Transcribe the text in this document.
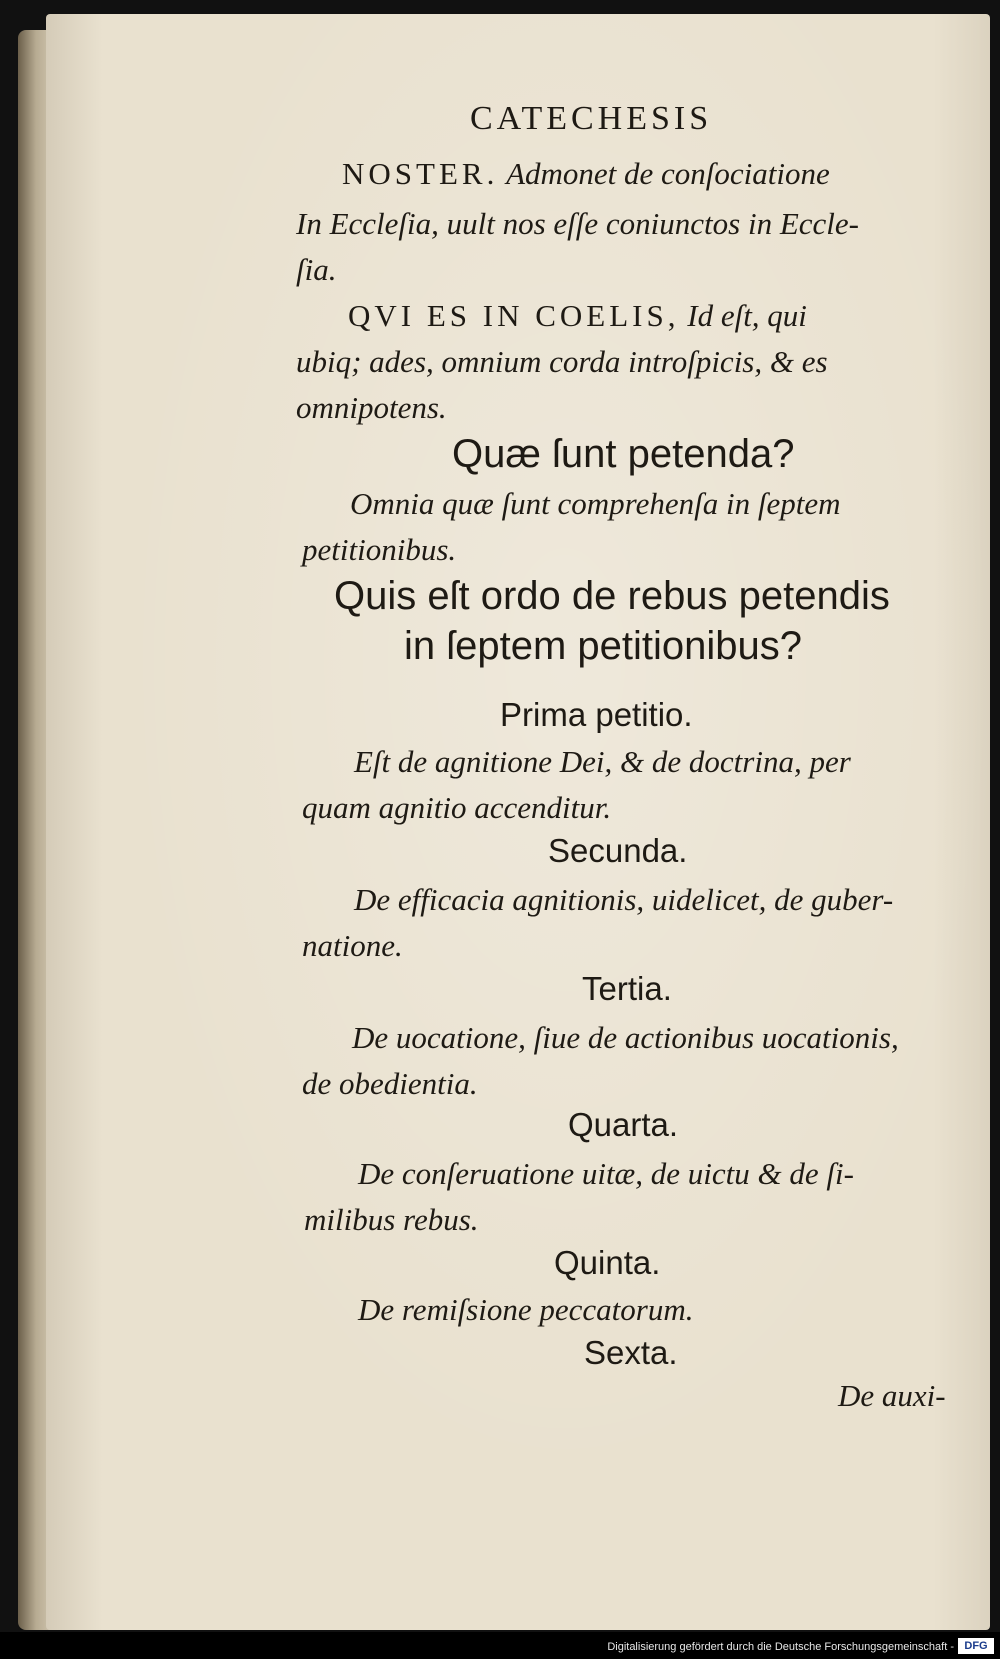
CATECHESIS
NOSTER. Admonet de conſociatione
In Eccleſia, uult nos eſſe coniunctos in Eccle-
ſia.
QVI ES IN COELIS, Id eſt, qui
ubiq; ades, omnium corda introſpicis, & es
omnipotens.
Quæ ſunt petenda?
Omnia quæ ſunt comprehenſa in ſeptem
petitionibus.
Quis eſt ordo de rebus petendis
in ſeptem petitionibus?
Prima petitio.
Eſt de agnitione Dei, & de doctrina, per
quam agnitio accenditur.
Secunda.
De efficacia agnitionis, uidelicet, de guber-
natione.
Tertia.
De uocatione, ſiue de actionibus uocationis,
de obedientia.
Quarta.
De conſeruatione uitæ, de uictu & de ſi-
milibus rebus.
Quinta.
De remiſsione peccatorum.
Sexta.
De auxi-
Digitalisierung gefördert durch die Deutsche Forschungsgemeinschaft - DFG
